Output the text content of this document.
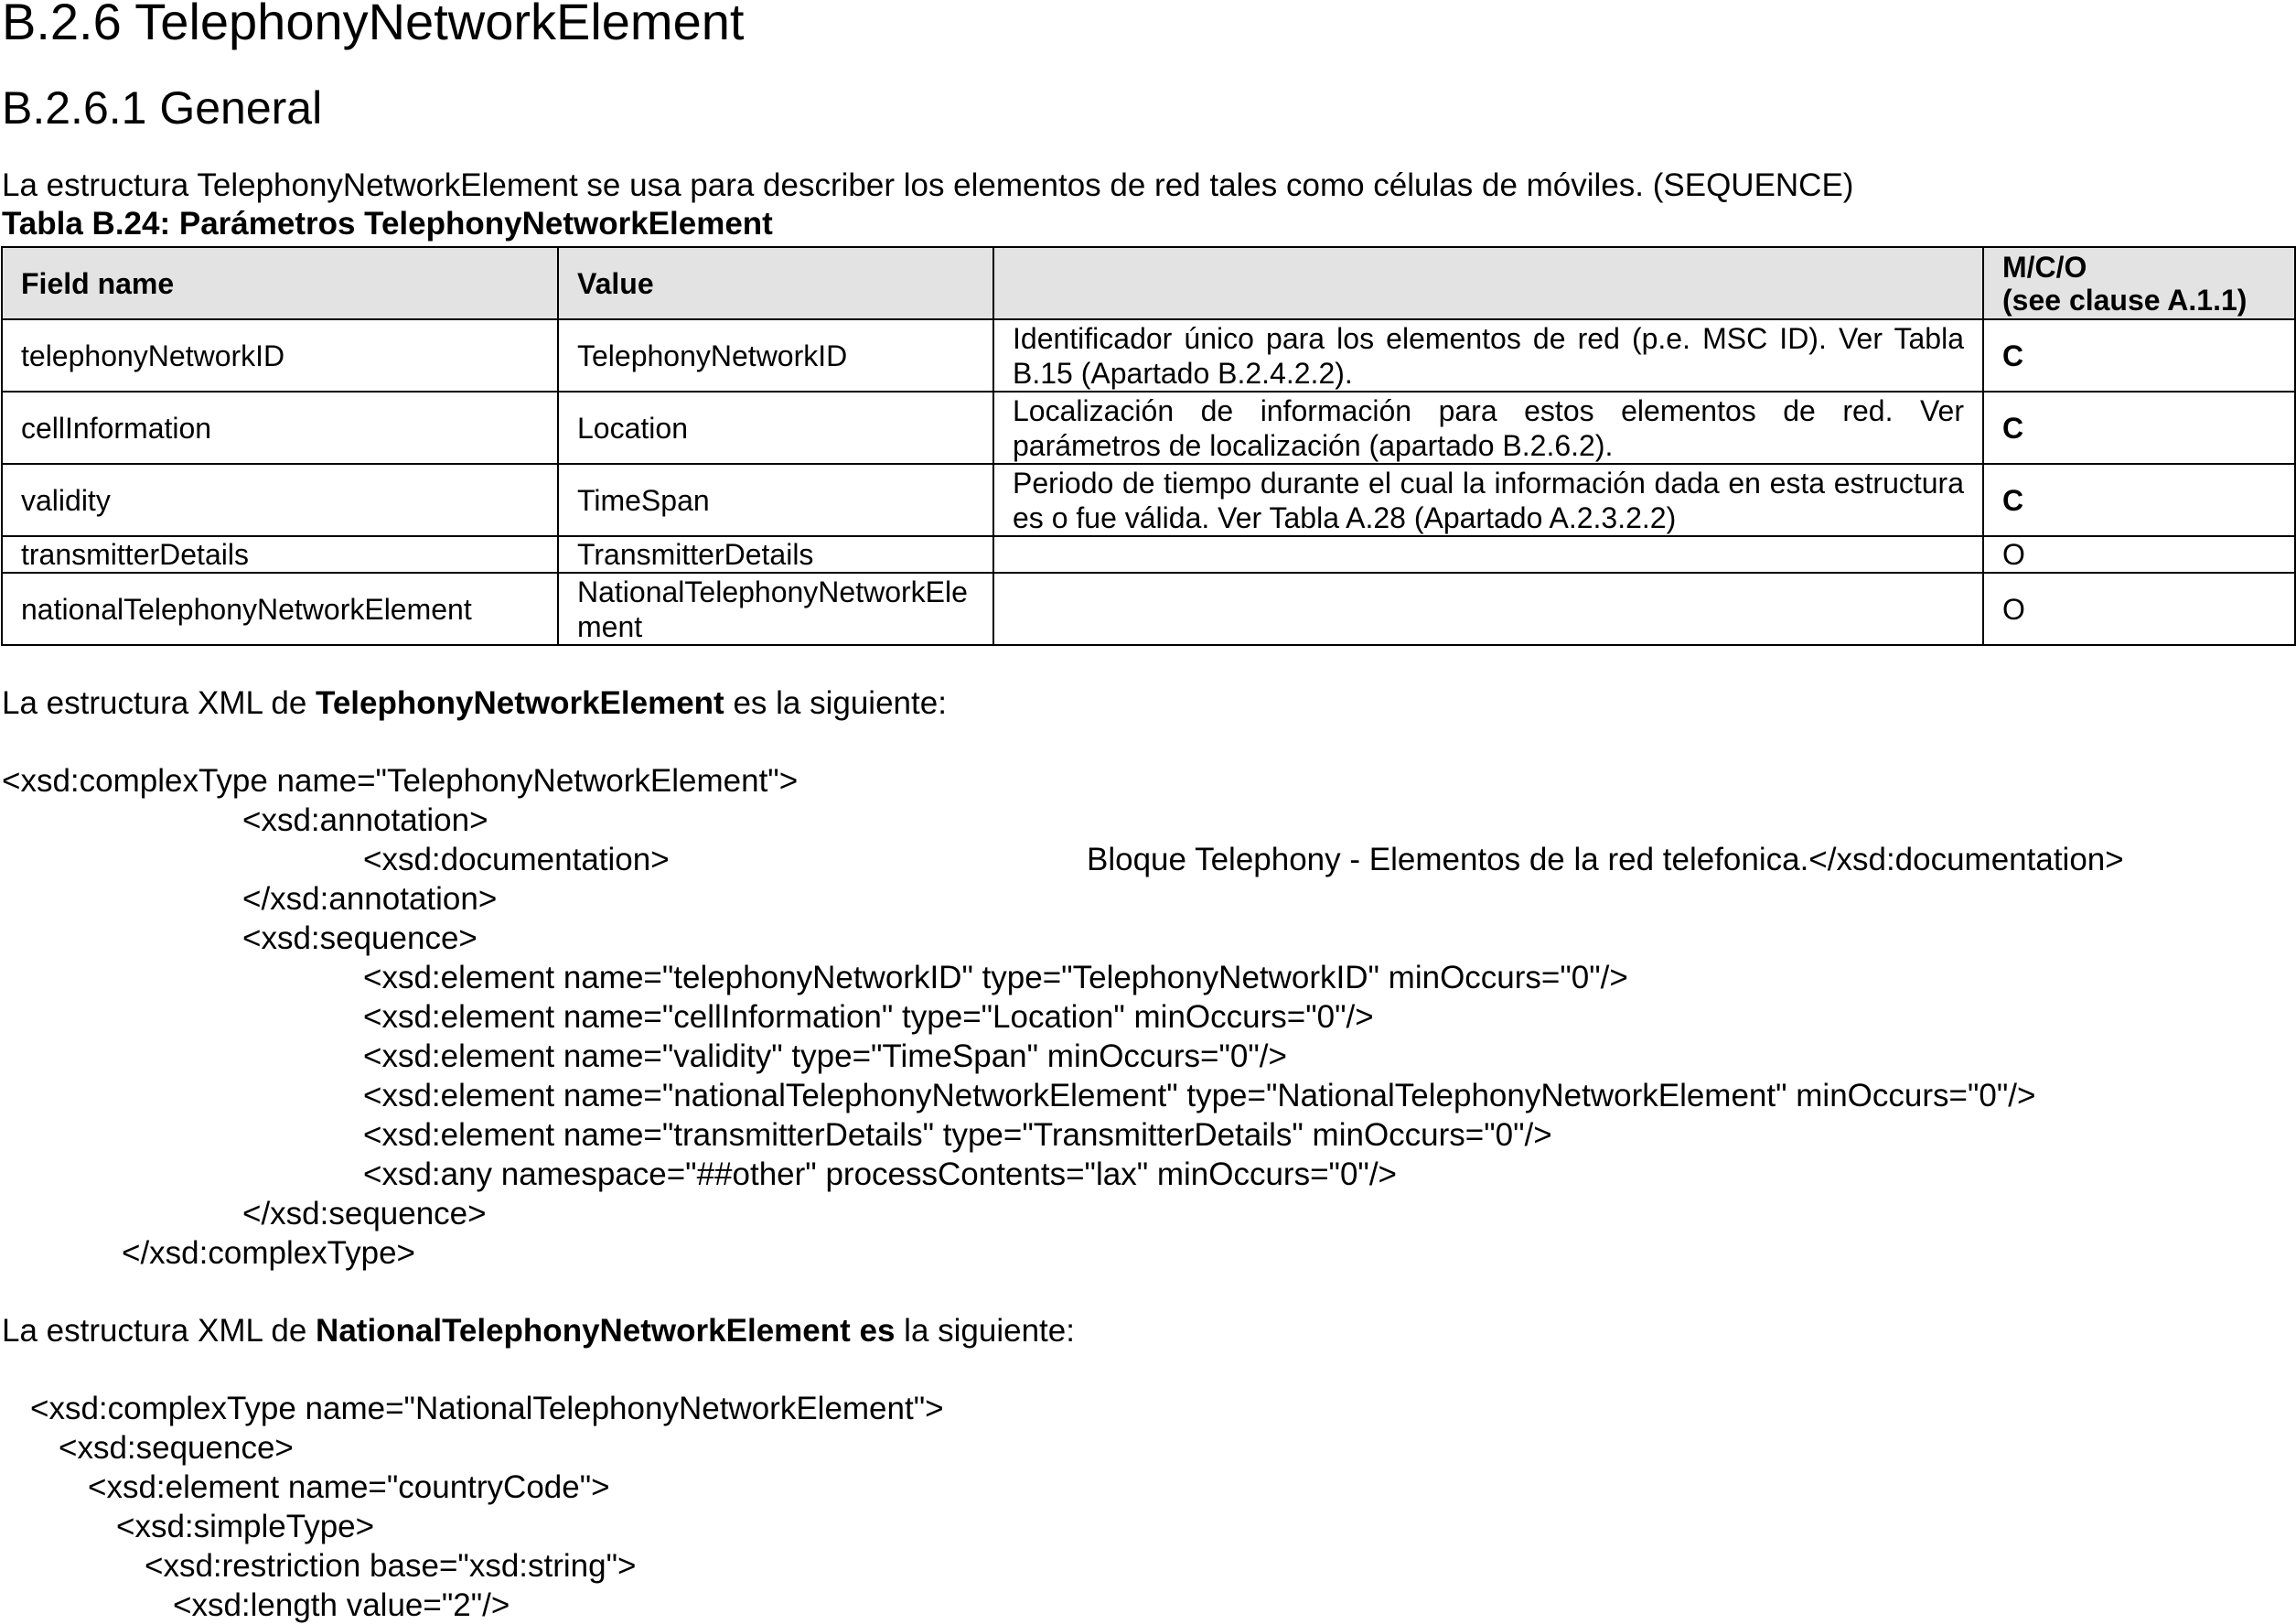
B.2.6 TelephonyNetworkElement
B.2.6.1 General
La estructura TelephonyNetworkElement se usa para describer los elementos de red tales como células de móviles. (SEQUENCE)
Tabla B.24: Parámetros TelephonyNetworkElement
Field name	Value		M/C/O
(see clause A.1.1)

telephonyNetworkID	TelephonyNetworkID	Identificador único para los elementos de red (p.e. MSC ID). Ver Tabla B.15 (Apartado B.2.4.2.2).	C
cellInformation	Location	Localización de información para estos elementos de red. Ver parámetros de localización (apartado B.2.6.2).	C
validity	TimeSpan	Periodo de tiempo durante el cual la información dada en esta estructura es o fue válida. Ver Tabla A.28 (Apartado A.2.3.2.2)	C
transmitterDetails	TransmitterDetails		O
nationalTelephonyNetworkElement	NationalTelephonyNetworkElement		O
La estructura XML de TelephonyNetworkElement es la siguiente:
<xsd:complexType name="TelephonyNetworkElement">
<xsd:annotation>
<xsd:documentation>	Bloque Telephony - Elementos de la red telefonica.</xsd:documentation>
</xsd:annotation>
<xsd:sequence>
<xsd:element name="telephonyNetworkID" type="TelephonyNetworkID" minOccurs="0"/>
<xsd:element name="cellInformation" type="Location" minOccurs="0"/>
<xsd:element name="validity" type="TimeSpan" minOccurs="0"/>
<xsd:element name="nationalTelephonyNetworkElement" type="NationalTelephonyNetworkElement" minOccurs="0"/>
<xsd:element name="transmitterDetails" type="TransmitterDetails" minOccurs="0"/>
<xsd:any namespace="##other" processContents="lax" minOccurs="0"/>
</xsd:sequence>
</xsd:complexType>
La estructura XML de NationalTelephonyNetworkElement es la siguiente:
<xsd:complexType name="NationalTelephonyNetworkElement">
<xsd:sequence>
<xsd:element name="countryCode">
<xsd:simpleType>
<xsd:restriction base="xsd:string">
<xsd:length value="2"/>
